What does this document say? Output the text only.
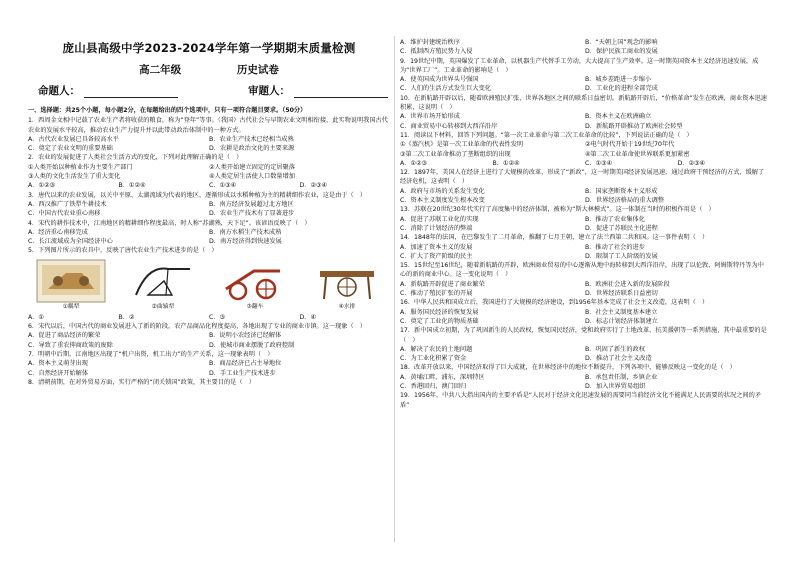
庞山县高级中学2023-2024学年第一学期期末质量检测
高二年级	历史试卷
命题人：	审题人：
一、选择题：共25个小题，每小题2分，在每题给出的四个选项中，只有一项符合题目要求。（50分）

1．西周金文相中记载了农业生产者将收获的粮食，称为“登年”等事。（我国）古代社会与早期农业文明相衔接，此实物说明我国古代农业的发展水平较高，推动农业生产力提升并以此带动政治体制中的一种方式。

A．古代农业发展已具备较高水平	B．农业生产技术已经相当成熟
C．奠定了农业文明的重要基础	D．农耕是政治文化的主要来源

2．农业的发展促进了人类社会生活方式的变化，下列对此理解正确的是（　）

①人类开始以种植业作为主要生产部门	②人类开始建立固定的定居聚落
③人类的文化生活发生了重大变化	④人类定居生活使人口数量增加
A．①②③	B．①②④	C．①③④	D．②③④

3．唐代以来的农业发展，以关中平原、太湖流域为代表的地区，逐渐形成以水稻种植为主的精耕细作农业，这是由于（　）

A．西汉推广了铁犁牛耕技术	B．南方经济发展超过北方地区
C．中国古代农业重心南移	D．农业生产技术有了显著进步

4．宋代的耕作技术中，江南地区的精耕细作程度最高，时人称“苏湖熟，天下足”。该谚语反映了（　）

A．经济重心南移完成	B．南方水稻生产技术成熟
C．长江流域成为全国经济中心	D．南方经济得到快速发展

5．下列图片所示的农具中，反映了唐代农业生产技术进步的是（　）

①耦犁	②曲辕犁	③翻车	④水排
A．①	B．②	C．③	D．④

6．宋代以后，中国古代的商业发展进入了新的阶段，农产品商品化程度提高，各地出现了专业的商业市镇。这一现象（　）

A．促进了商品经济的繁荣	B．说明小农经济已经解体
C．导致了重农抑商政策的废除	D．使城市商业摆脱了政府控制

7．明朝中后期，江南地区出现了“机户出资，机工出力”的生产关系，这一现象表明（　）

A．资本主义萌芽出现	B．商品经济已占主导地位
C．自然经济开始解体	D．手工业生产技术进步

8．清朝前期，在对外贸易方面，实行严格的“闭关锁国”政策，其主要目的是（　）

A．维护封建统治秩序	B．“天朝上国”观念的影响
C．抵制西方殖民势力入侵	D．保护民族工商业的发展

9．19世纪中期，英国爆发了工业革命，以机器生产代替手工劳动，大大提高了生产效率。这一时期英国资本主义经济迅速发展，成为“世界工厂”。工业革命的影响是（　）

A．使英国成为世界头号强国	B．城乡差距进一步缩小
C．人们的生活方式发生巨大变化	D．工业化的进程全部完成

10．在新航路开辟以后，随着欧洲殖民扩张，世界各地区之间的联系日益密切。新航路开辟后，“价格革命”发生在欧洲，商业资本迅速积累，这说明（　）

A．世界市场开始形成	B．资本主义在欧洲确立
C．商业贸易中心转移到大西洋沿岸	D．新航路开辟推动了欧洲社会转型

11．阅读以下材料，回答下列问题。“第一次工业革命与第二次工业革命的比较”，下列说法正确的是（　）

①《蒸汽机》是第一次工业革命的代表性发明	②电气时代开始于19世纪70年代
③第二次工业革命推动了垄断组织的出现	④第二次工业革命使世界联系更加紧密
A．①②③	B．①②④	C．①③④	D．②③④

12．1897年，美国人在经济上进行了大规模的改革，形成了“新政”，这一时期美国经济发展迅速，通过政府干预经济的方式，缓解了经济危机，这表明（　）

A．政府与市场的关系发生变化	B．国家垄断资本主义形成
C．资本主义制度发生根本改变	D．世界经济格局的重大调整

13．苏联在20世纪30年代实行了高度集中的经济体制，被称为“斯大林模式”。这一体制在当时的积极作用是（　）

A．促进了苏联工业化的实现	B．推动了农业集体化
C．消除了计划经济的弊端	D．促进了苏联民主化进程

14．1848年的法国，在巴黎发生了二月革命，推翻了七月王朝，建立了法兰西第二共和国。这一事件表明（　）

A．加速了资本主义的发展	B．推动了社会的进步
C．扩大了资产阶级的民主	D．限制了工人阶级的发展

15．15世纪至16世纪，随着新航路的开辟，欧洲商业贸易的中心逐渐从地中海转移到大西洋沿岸，出现了以伦敦、阿姆斯特丹等为中心的新的商业中心。这一变化说明（　）

A．新航路开辟促进了商业繁荣	B．欧洲社会进入新的发展阶段
C．推动了殖民扩张的开展	D．世界经济联系日益密切

16．中华人民共和国成立后，我国进行了大规模的经济建设，到1956年基本完成了社会主义改造，这表明（　）

A．服务国民经济的恢复发展	B．社会主义制度基本建立
C．奠定了工业化的物质基础	D．标志计划经济体制建立

17．新中国成立初期，为了巩固新生的人民政权，恢复国民经济，党和政府实行了土地改革、抗美援朝等一系列措施，其中最重要的是（　）

A．解决了农民的土地问题	B．巩固了新生的政权
C．为工业化积累了资金	D．推动了社会主义改造

18．改革开放以来，中国经济取得了巨大成就，在世界经济中的地位不断提升，下列各项中，能够反映这一变化的是（　）

A．黄埔江畔、浦东，深圳特区	B．承包责任制，乡镇企业
C．香港回归，澳门回归	D．加入世界贸易组织

19．1956年，中共八大指出国内的主要矛盾是“人民对于经济文化迅速发展的需要同当前经济文化不能满足人民需要的状况之间的矛盾”
